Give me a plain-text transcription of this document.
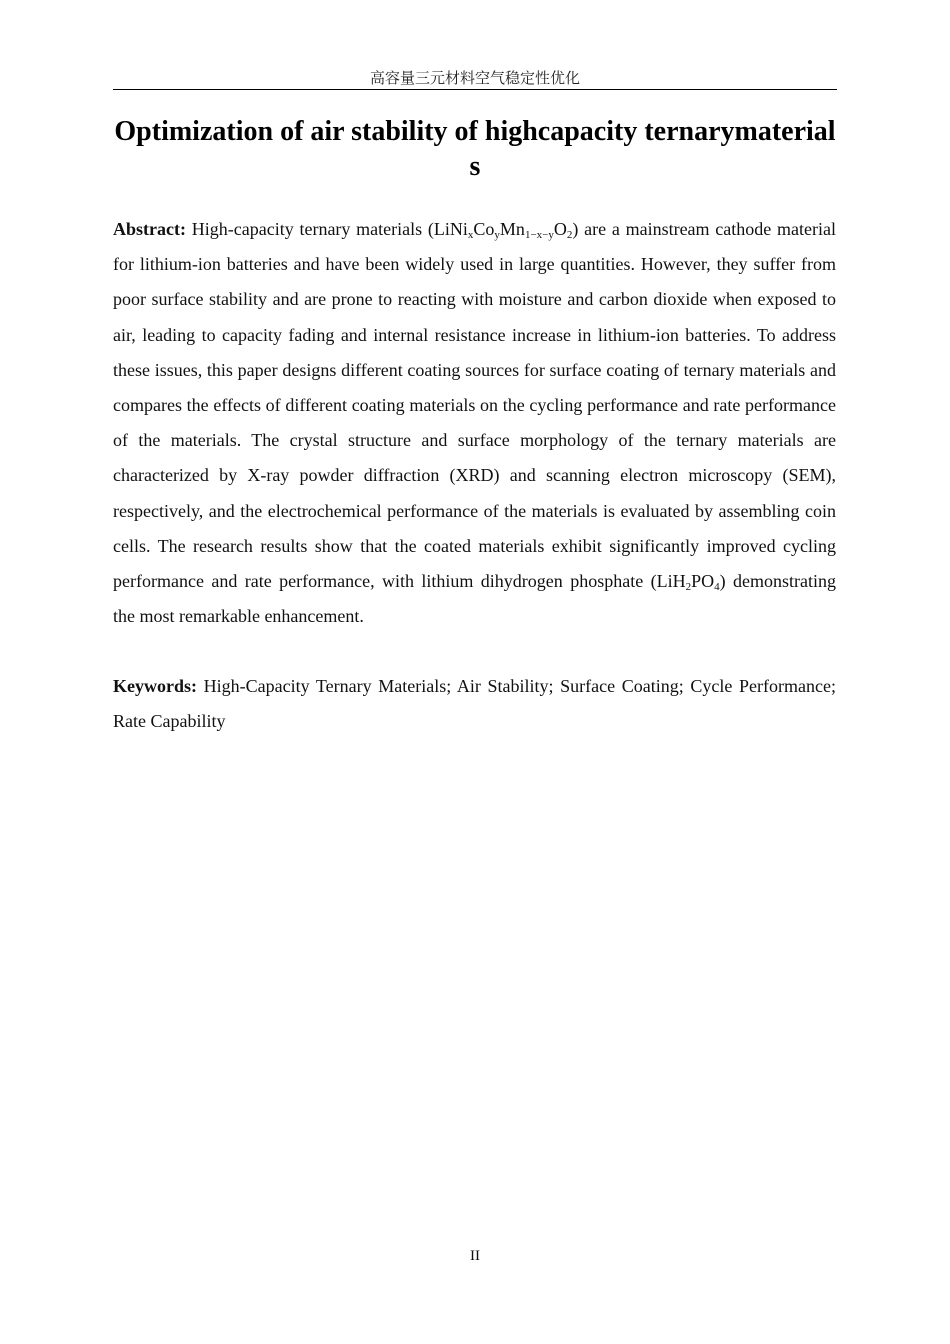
高容量三元材料空气稳定性优化
Optimization of air stability of highcapacity ternarymaterials

Abstract: High-capacity ternary materials $(LiNi_xCo_yMn_{1-x-y}O_2)$ are a mainstream cathode material for lithium-ion batteries and have been widely used in large quantities. However, they suffer from poor surface stability and are prone to reacting with moisture and carbon dioxide when exposed to air, leading to capacity fading and internal resistance increase in lithium-ion batteries. To address these issues, this paper designs different coating sources for surface coating of ternary materials and compares the effects of different coating materials on the cycling performance and rate performance of the materials. The crystal structure and surface morphology of the ternary materials are characterized by X-ray powder diffraction (XRD) and scanning electron microscopy (SEM), respectively, and the electrochemical performance of the materials is evaluated by assembling coin cells. The research results show that the coated materials exhibit significantly improved cycling performance and rate performance, with lithium dihydrogen phosphate $(LiH_2PO_4)$ demonstrating the most remarkable enhancement.

Keywords: High-Capacity Ternary Materials; Air Stability; Surface Coating; Cycle Performance; Rate Capability

II
